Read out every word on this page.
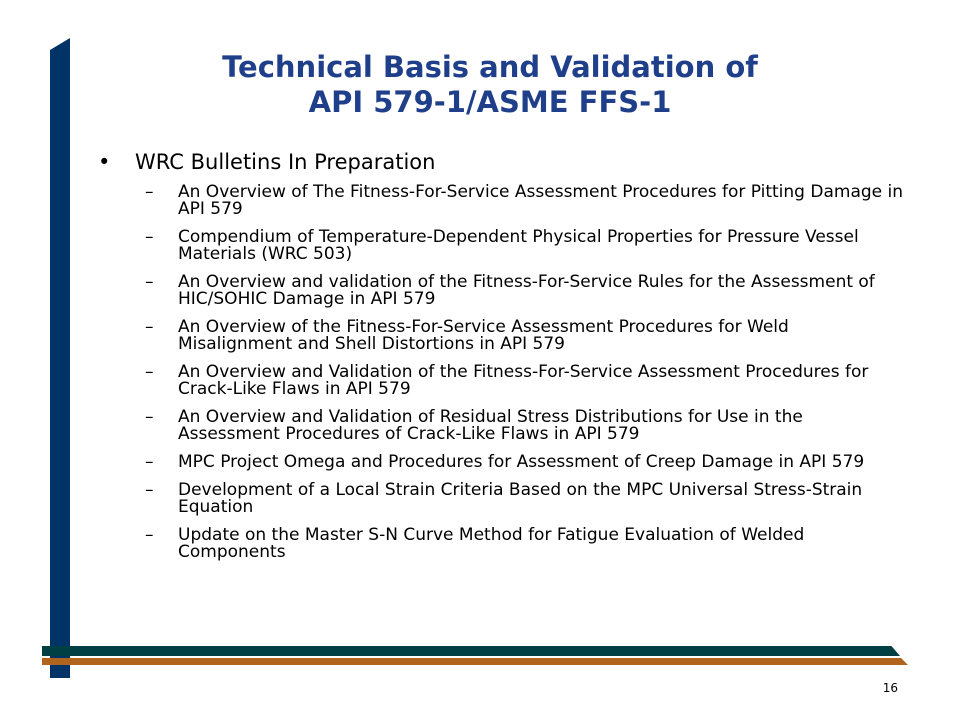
Technical Basis and Validation of
API 579-1/ASME FFS-1
•	WRC Bulletins In Preparation
–	An Overview of The Fitness-For-Service Assessment Procedures for Pitting Damage in API 579
–	Compendium of Temperature-Dependent Physical Properties for Pressure Vessel Materials (WRC 503)
–	An Overview and validation of the Fitness-For-Service Rules for the Assessment of HIC/SOHIC Damage in API 579
–	An Overview of the Fitness-For-Service Assessment Procedures for Weld Misalignment and Shell Distortions in API 579
–	An Overview and Validation of the Fitness-For-Service Assessment Procedures for Crack-Like Flaws in API 579
–	An Overview and Validation of Residual Stress Distributions for Use in the Assessment Procedures of Crack-Like Flaws in API 579
–	MPC Project Omega and Procedures for Assessment of Creep Damage in API 579
–	Development of a Local Strain Criteria Based on the MPC Universal Stress-Strain Equation
–	Update on the Master S-N Curve Method for Fatigue Evaluation of Welded Components
16
